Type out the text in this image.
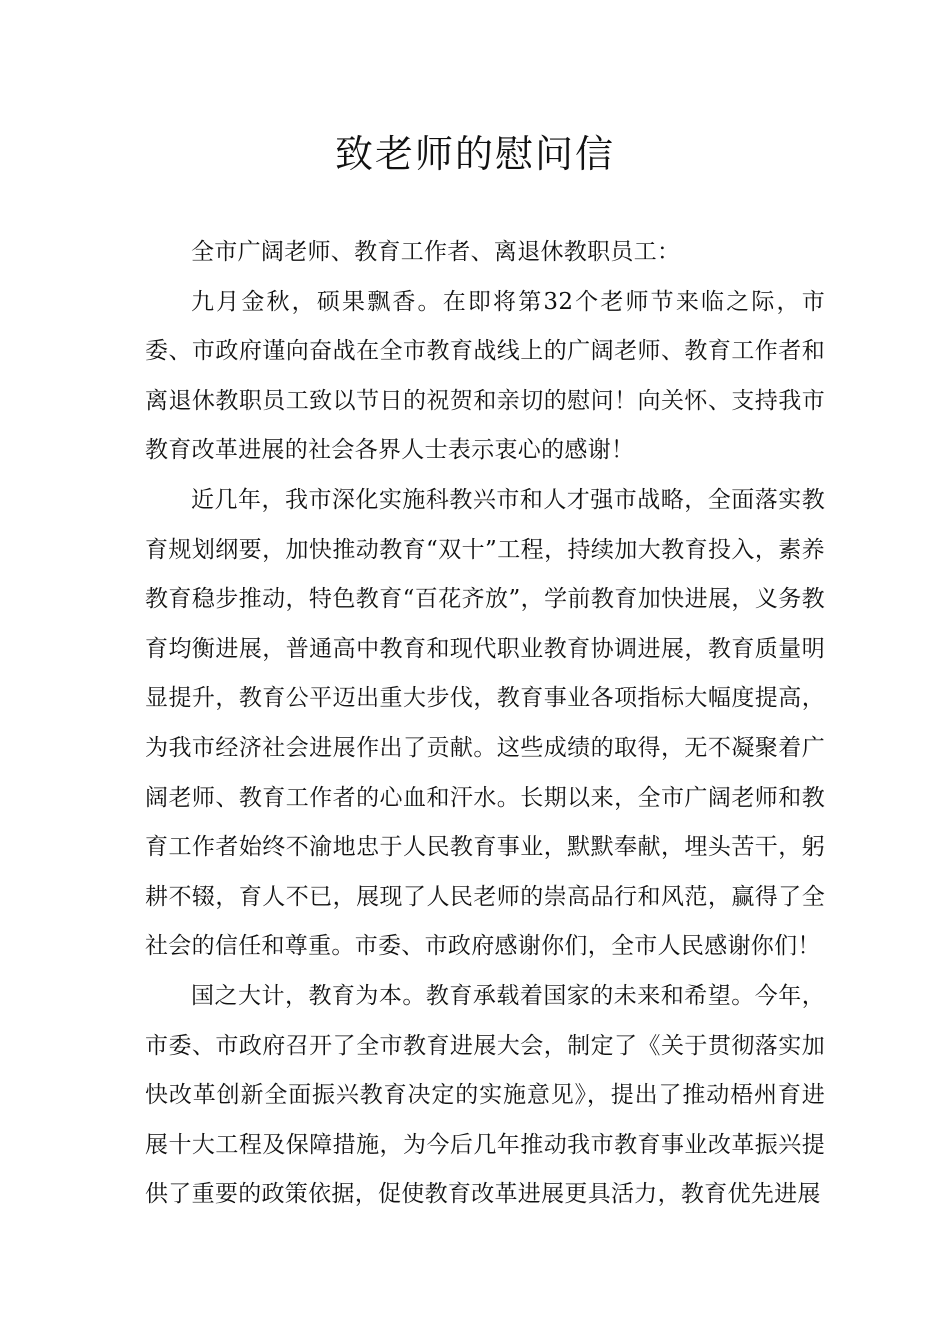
致老师的慰问信

全市广阔老师、教育工作者、离退休教职员工：

九月金秋，硕果飘香。在即将第32个老师节来临之际，市委、市政府谨向奋战在全市教育战线上的广阔老师、教育工作者和离退休教职员工致以节日的祝贺和亲切的慰问！向关怀、支持我市教育改革进展的社会各界人士表示衷心的感谢！

近几年，我市深化实施科教兴市和人才强市战略，全面落实教育规划纲要，加快推动教育“双十”工程，持续加大教育投入，素养教育稳步推动，特色教育“百花齐放”，学前教育加快进展，义务教育均衡进展，普通高中教育和现代职业教育协调进展，教育质量明显提升，教育公平迈出重大步伐，教育事业各项指标大幅度提高，为我市经济社会进展作出了贡献。这些成绩的取得，无不凝聚着广阔老师、教育工作者的心血和汗水。长期以来，全市广阔老师和教育工作者始终不渝地忠于人民教育事业，默默奉献，埋头苦干，躬耕不辍，育人不已，展现了人民老师的崇高品行和风范，赢得了全社会的信任和尊重。市委、市政府感谢你们，全市人民感谢你们！

国之大计，教育为本。教育承载着国家的未来和希望。今年，市委、市政府召开了全市教育进展大会，制定了《关于贯彻落实加快改革创新全面振兴教育决定的实施意见》，提出了推动梧州育进展十大工程及保障措施，为今后几年推动我市教育事业改革振兴提供了重要的政策依据，促使教育改革进展更具活力，教育优先进展
